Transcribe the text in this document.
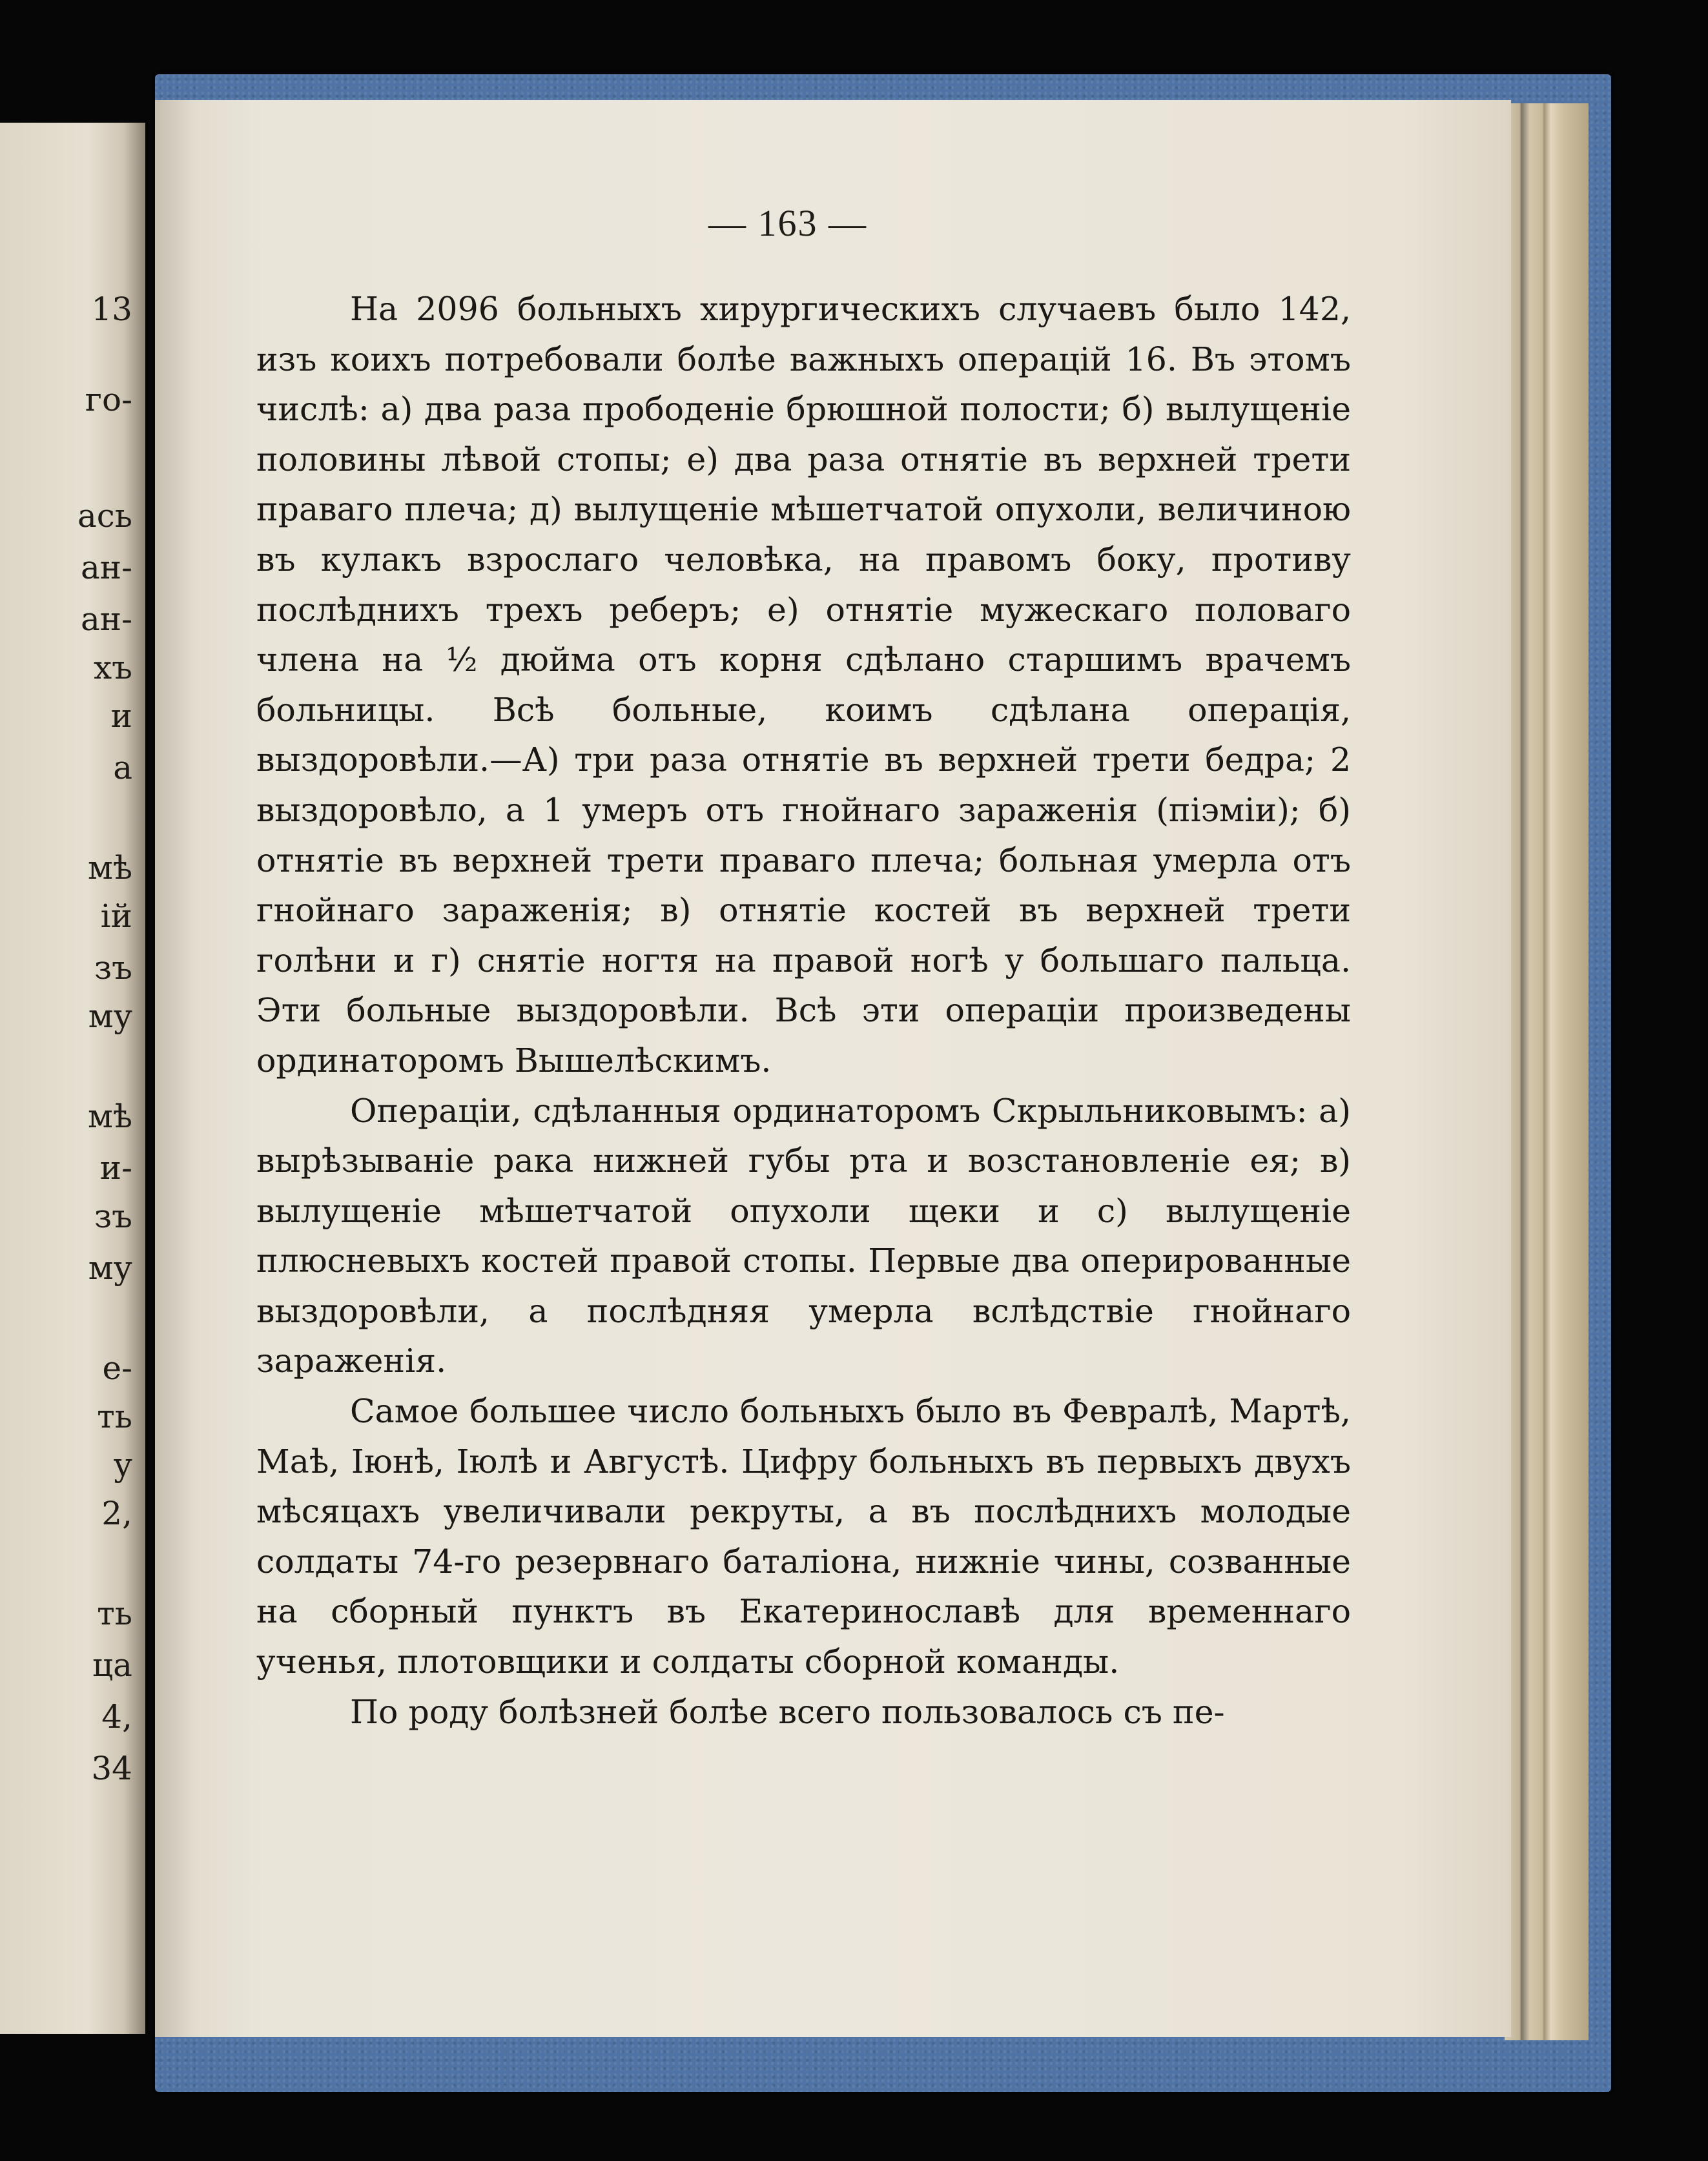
13
го-
ась
ан-
ан-
хъ
и
а
мѣ
ій
зъ
му
мѣ
и-
зъ
му
е-
ть
у
2,
ть
ца
4,
34
— 163 —

На 2096 больныхъ хирургическихъ случаевъ было 142, изъ коихъ потребовали болѣе важныхъ операцій 16. Въ этомъ числѣ: а) два раза прободеніе брюшной полости; б) вылущеніе половины лѣвой стопы; е) два раза отнятіе въ верхней трети праваго плеча; д) вылущеніе мѣшетчатой опухоли, величиною въ кулакъ взрослаго человѣка, на правомъ боку, противу послѣднихъ трехъ реберъ; е) отнятіе мужескаго половаго члена на ½ дюйма отъ корня сдѣлано старшимъ врачемъ больницы. Всѣ больные, коимъ сдѣлана операція, выздоровѣли.—А) три раза отнятіе въ верхней трети бедра; 2 выздоровѣло, а 1 умеръ отъ гнойнаго зараженія (піэміи); б) отнятіе въ верхней трети праваго плеча; больная умерла отъ гнойнаго зараженія; в) отнятіе костей въ верхней трети голѣни и г) снятіе ногтя на правой ногѣ у большаго пальца. Эти больные выздоровѣли. Всѣ эти операціи произведены ординаторомъ Вышелѣскимъ.

Операціи, сдѣланныя ординаторомъ Скрыльниковымъ: а) вырѣзываніе рака нижней губы рта и возстановленіе ея; в) вылущеніе мѣшетчатой опухоли щеки и с) вылущеніе плюсневыхъ костей правой стопы. Первые два оперированные выздоровѣли, а послѣдняя умерла вслѣдствіе гнойнаго зараженія.

Самое большее число больныхъ было въ Февралѣ, Мартѣ, Маѣ, Іюнѣ, Іюлѣ и Августѣ. Цифру больныхъ въ первыхъ двухъ мѣсяцахъ увеличивали рекруты, а въ послѣднихъ молодые солдаты 74-го резервнаго баталіона, нижніе чины, созванные на сборный пунктъ въ Екатеринославѣ для временнаго ученья, плотовщики и солдаты сборной команды.

По роду болѣзней болѣе всего пользовалось съ пе-
